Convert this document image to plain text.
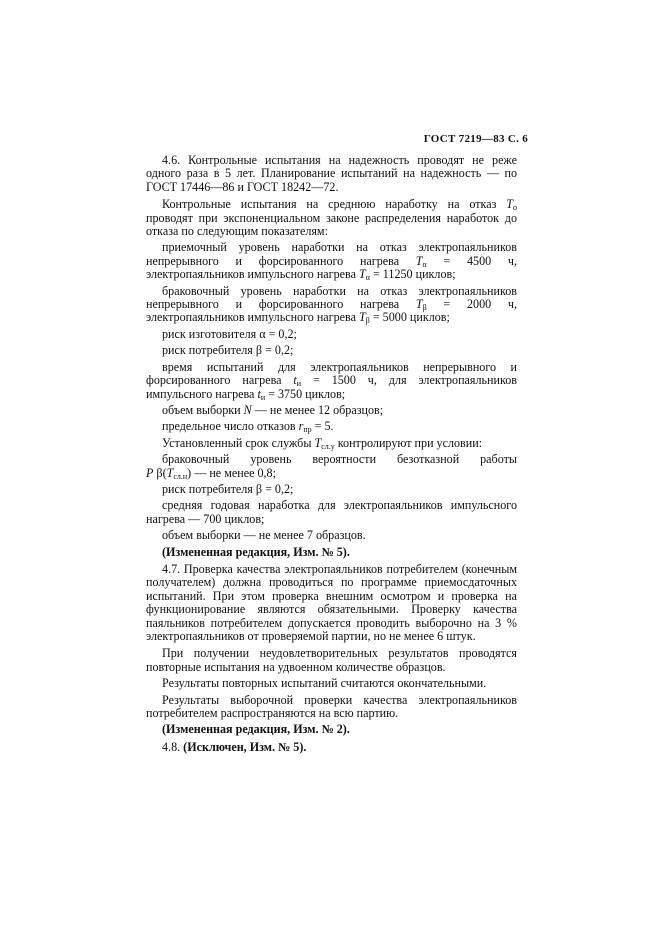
ГОСТ 7219—83 С. 6

4.6. Контрольные испытания на надежность проводят не реже одного раза в 5 лет. Планирование испытаний на надежность — по ГОСТ 17446—86 и ГОСТ 18242—72.

Контрольные испытания на среднюю наработку на отказ $T_o$ проводят при экспоненциальном законе распределения наработок до отказа по следующим показателям:

приемочный уровень наработки на отказ электропаяльников непрерывного и форсированного нагрева $T_\alpha = 4500$ ч, электропаяльников импульсного нагрева $T_\alpha = 11250$ циклов;

браковочный уровень наработки на отказ электропаяльников непрерывного и форсированного нагрева $T_\beta = 2000$ ч, электропаяльников импульсного нагрева $T_\beta = 5000$ циклов;

риск изготовителя α = 0,2;

риск потребителя β = 0,2;

время испытаний для электропаяльников непрерывного и форсированного нагрева $t_и = 1500$ ч, для электропаяльников импульсного нагрева $t_и = 3750$ циклов;

объем выборки N — не менее 12 образцов;

предельное число отказов $r_{пр} = 5$.

Установленный срок службы $T_{сл.у}$ контролируют при условии:

браковочный уровень вероятности безотказной работы

P $\beta(T_{сл.н})$ — не менее 0,8;

риск потребителя β = 0,2;

средняя годовая наработка для электропаяльников импульсного нагрева — 700 циклов;

объем выборки — не менее 7 образцов.

(Измененная редакция, Изм. № 5).

4.7. Проверка качества электропаяльников потребителем (конечным получателем) должна проводиться по программе приемосдаточных испытаний. При этом проверка внешним осмотром и проверка на функционирование являются обязательными. Проверку качества паяльников потребителем допускается проводить выборочно на 3 % электропаяльников от проверяемой партии, но не менее 6 штук.

При получении неудовлетворительных результатов проводятся повторные испытания на удвоенном количестве образцов.

Результаты повторных испытаний считаются окончательными.

Результаты выборочной проверки качества электропаяльников потребителем распространяются на всю партию.

(Измененная редакция, Изм. № 2).

4.8. (Исключен, Изм. № 5).
